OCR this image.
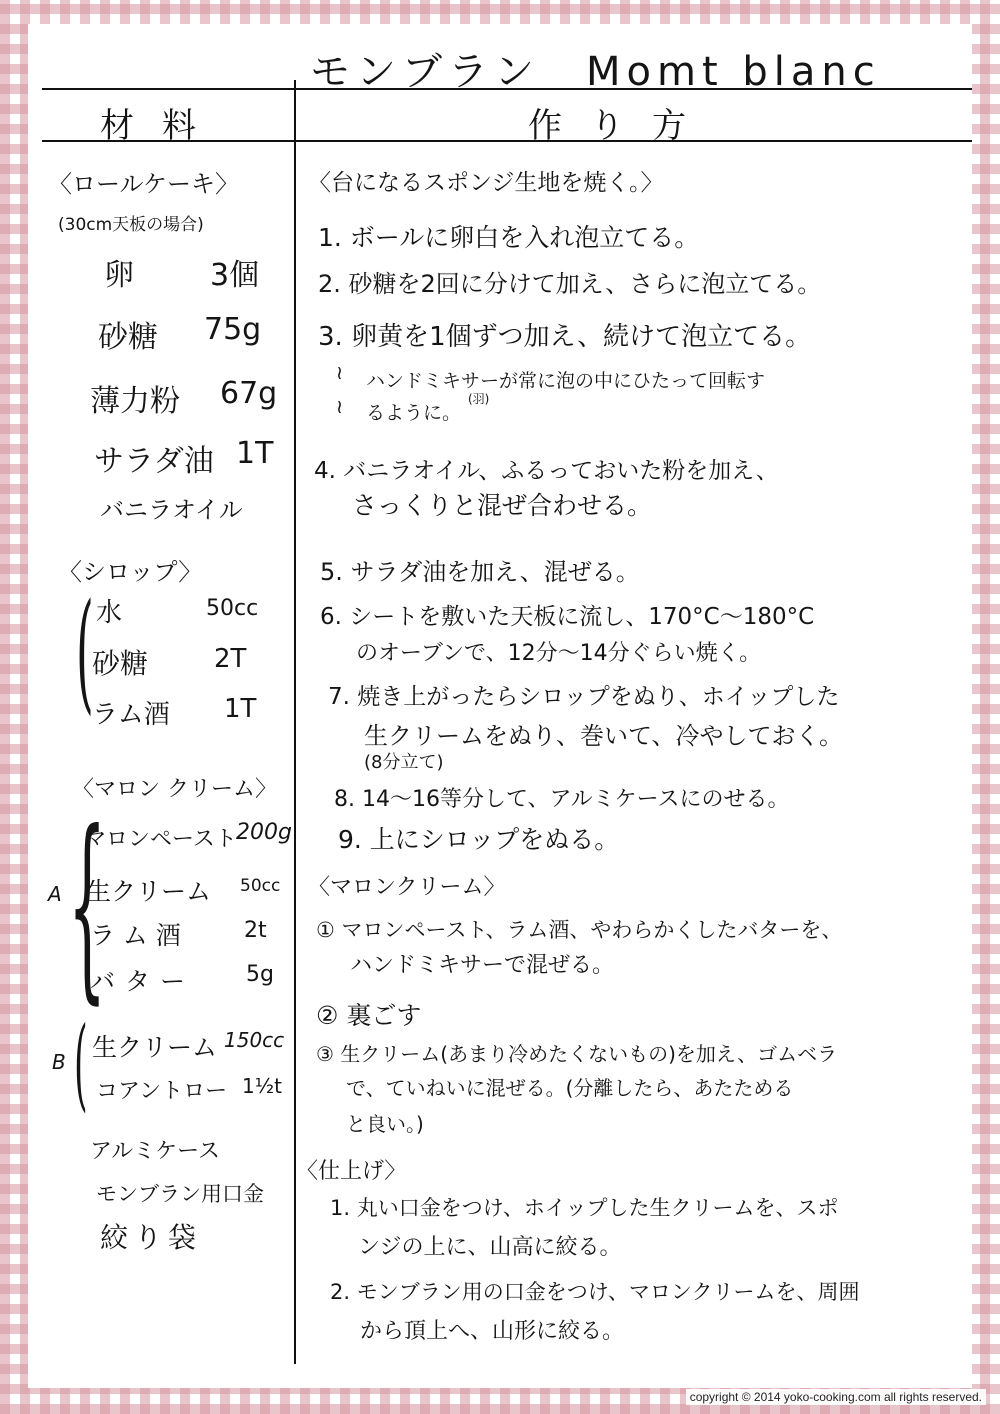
モンブラン　Momt blanc
材料	作り方
〈ロールケーキ〉
(30cm天板の場合)
卵	3個
砂糖 75g
薄力粉 67g
サラダ油 1T
バニラオイル
〈シロップ〉
( 水	50cc
砂糖	2T
ラム酒 1T
〈マロン クリーム〉
A {
マロンペースト 200g
生クリーム 50cc
ラム酒	2t
バター 5g
B ( 生クリーム 150cc
コアントロー 1½t
アルミケース
モンブラン用口金
絞り袋
〈台になるスポンジ生地を焼く。〉
1. ボールに卵白を入れ泡立てる。
2. 砂糖を2回に分けて加え、さらに泡立てる。
3. 卵黄を1個ずつ加え、続けて泡立てる。
≀
≀
ハンドミキサーが常に泡の中にひたって回転す
るように。
(羽)
4. バニラオイル、ふるっておいた粉を加え、
さっくりと混ぜ合わせる。
5. サラダ油を加え、混ぜる。
6. シートを敷いた天板に流し、170°C〜180°C
のオーブンで、12分〜14分ぐらい焼く。
7. 焼き上がったらシロップをぬり、ホイップした
生クリームをぬり、巻いて、冷やしておく。
(8分立て)
8. 14〜16等分して、アルミケースにのせる。
9. 上にシロップをぬる。
〈マロンクリーム〉
① マロンペースト、ラム酒、やわらかくしたバターを、
ハンドミキサーで混ぜる。
② 裏ごす
③ 生クリーム(あまり冷めたくないもの)を加え、ゴムベラ
で、ていねいに混ぜる。(分離したら、あたためる
と良い。)
〈仕上げ〉
1. 丸い口金をつけ、ホイップした生クリームを、スポ
ンジの上に、山高に絞る。
2. モンブラン用の口金をつけ、マロンクリームを、周囲
から頂上へ、山形に絞る。
copyright © 2014 yoko-cooking.com all rights reserved.
